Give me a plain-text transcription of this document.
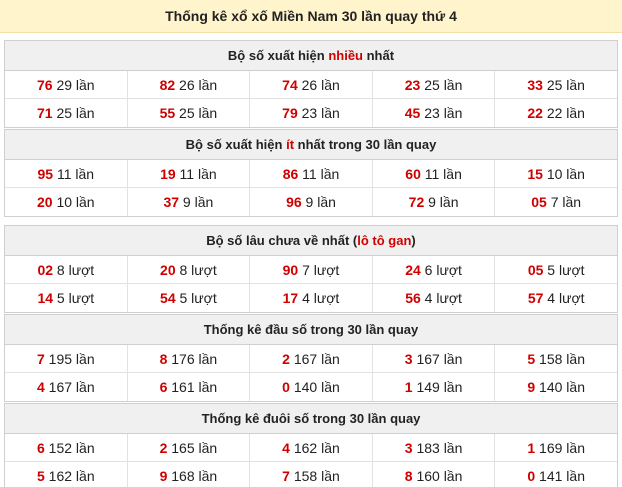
Thống kê xổ xố Miền Nam 30 lần quay thứ 4
Bộ số xuất hiện nhiều nhất
76 29 lần	82 26 lần	74 26 lần	23 25 lần	33 25 lần
71 25 lần	55 25 lần	79 23 lần	45 23 lần	22 22 lần
Bộ số xuất hiện ít nhất trong 30 lần quay
95 11 lần	19 11 lần	86 11 lần	60 11 lần	15 10 lần
20 10 lần	37 9 lần	96 9 lần	72 9 lần	05 7 lần
Bộ số lâu chưa về nhất (lô tô gan)
02 8 lượt	20 8 lượt	90 7 lượt	24 6 lượt	05 5 lượt
14 5 lượt	54 5 lượt	17 4 lượt	56 4 lượt	57 4 lượt
Thống kê đầu số trong 30 lần quay
7 195 lần	8 176 lần	2 167 lần	3 167 lần	5 158 lần
4 167 lần	6 161 lần	0 140 lần	1 149 lần	9 140 lần
Thống kê đuôi số trong 30 lần quay
6 152 lần	2 165 lần	4 162 lần	3 183 lần	1 169 lần
5 162 lần	9 168 lần	7 158 lần	8 160 lần	0 141 lần
